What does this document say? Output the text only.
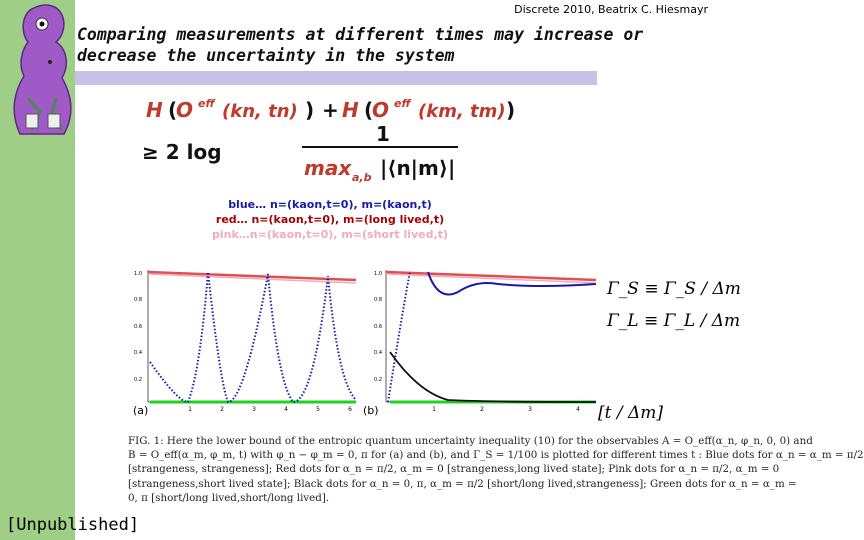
Discrete 2010, Beatrix C. Hiesmayr
Comparing measurements at different times may increase or decrease the uncertainty in the system
H (
O eff (kn, tn) ) + H (
O eff (km, tm) )
1
≥ 2 log
max a,b |⟨n|m⟩|
blue… n=(kaon,t=0), m=(kaon,t)
red… n=(kaon,t=0), m=(long lived,t)
pink…n=(kaon,t=0), m=(short lived,t)
1.0
0.8
0.6
0.4
0.2
1	2	3	4	5	6
(a)
1.0
0.8
0.6
0.4
0.2
1	2	3	4
(b)
Γ_S ≡ Γ_S / Δm
Γ_L ≡ Γ_L / Δm
[t / Δm]
FIG. 1: Here the lower bound of the entropic quantum uncertainty inequality (10) for the observables A = O_eff(α_n, φ_n, 0, 0) and
B = O_eff(α_m, φ_m, t) with φ_n − φ_m = 0, π for (a) and (b), and Γ_S = 1/100 is plotted for different times t : Blue dots for α_n = α_m = π/2
[strangeness, strangeness]; Red dots for α_n = π/2, α_m = 0 [strangeness,long lived state]; Pink dots for α_n = π/2, α_m = 0
[strangeness,short lived state]; Black dots for α_n = 0, π, α_m = π/2 [short/long lived,strangeness]; Green dots for α_n = α_m =
0, π [short/long lived,short/long lived].
[Unpublished]
